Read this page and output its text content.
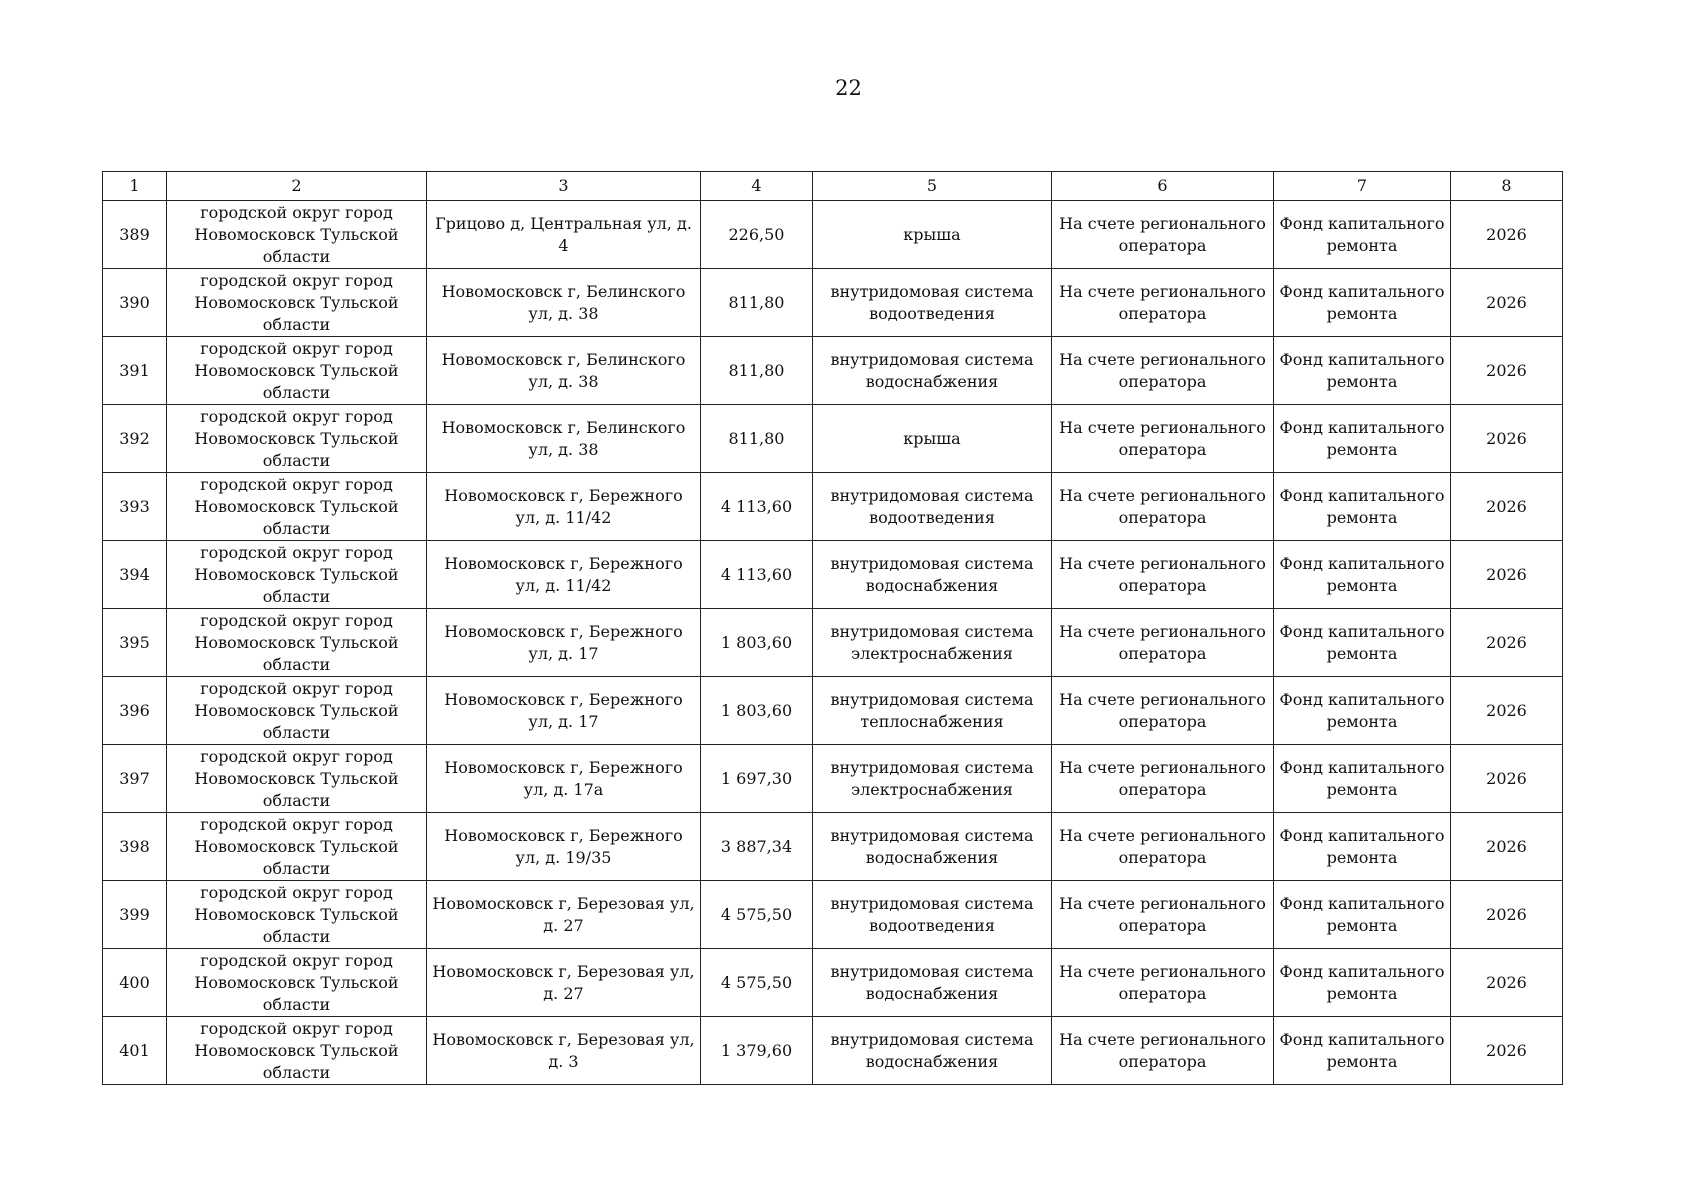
22
1	2	3	4	5	6	7	8
389	городской округ город Новомосковск Тульской области	Грицово д, Центральная ул, д. 4	226,50	крыша	На счете регионального оператора	Фонд капитального ремонта	2026
390	городской округ город Новомосковск Тульской области	Новомосковск г, Белинского ул, д. 38	811,80	внутридомовая система водоотведения	На счете регионального оператора	Фонд капитального ремонта	2026
391	городской округ город Новомосковск Тульской области	Новомосковск г, Белинского ул, д. 38	811,80	внутридомовая система водоснабжения	На счете регионального оператора	Фонд капитального ремонта	2026
392	городской округ город Новомосковск Тульской области	Новомосковск г, Белинского ул, д. 38	811,80	крыша	На счете регионального оператора	Фонд капитального ремонта	2026
393	городской округ город Новомосковск Тульской области	Новомосковск г, Бережного ул, д. 11/42	4 113,60	внутридомовая система водоотведения	На счете регионального оператора	Фонд капитального ремонта	2026
394	городской округ город Новомосковск Тульской области	Новомосковск г, Бережного ул, д. 11/42	4 113,60	внутридомовая система водоснабжения	На счете регионального оператора	Фонд капитального ремонта	2026
395	городской округ город Новомосковск Тульской области	Новомосковск г, Бережного ул, д. 17	1 803,60	внутридомовая система электроснабжения	На счете регионального оператора	Фонд капитального ремонта	2026
396	городской округ город Новомосковск Тульской области	Новомосковск г, Бережного ул, д. 17	1 803,60	внутридомовая система теплоснабжения	На счете регионального оператора	Фонд капитального ремонта	2026
397	городской округ город Новомосковск Тульской области	Новомосковск г, Бережного ул, д. 17а	1 697,30	внутридомовая система электроснабжения	На счете регионального оператора	Фонд капитального ремонта	2026
398	городской округ город Новомосковск Тульской области	Новомосковск г, Бережного ул, д. 19/35	3 887,34	внутридомовая система водоснабжения	На счете регионального оператора	Фонд капитального ремонта	2026
399	городской округ город Новомосковск Тульской области	Новомосковск г, Березовая ул, д. 27	4 575,50	внутридомовая система водоотведения	На счете регионального оператора	Фонд капитального ремонта	2026
400	городской округ город Новомосковск Тульской области	Новомосковск г, Березовая ул, д. 27	4 575,50	внутридомовая система водоснабжения	На счете регионального оператора	Фонд капитального ремонта	2026
401	городской округ город Новомосковск Тульской области	Новомосковск г, Березовая ул, д. 3	1 379,60	внутридомовая система водоснабжения	На счете регионального оператора	Фонд капитального ремонта	2026
